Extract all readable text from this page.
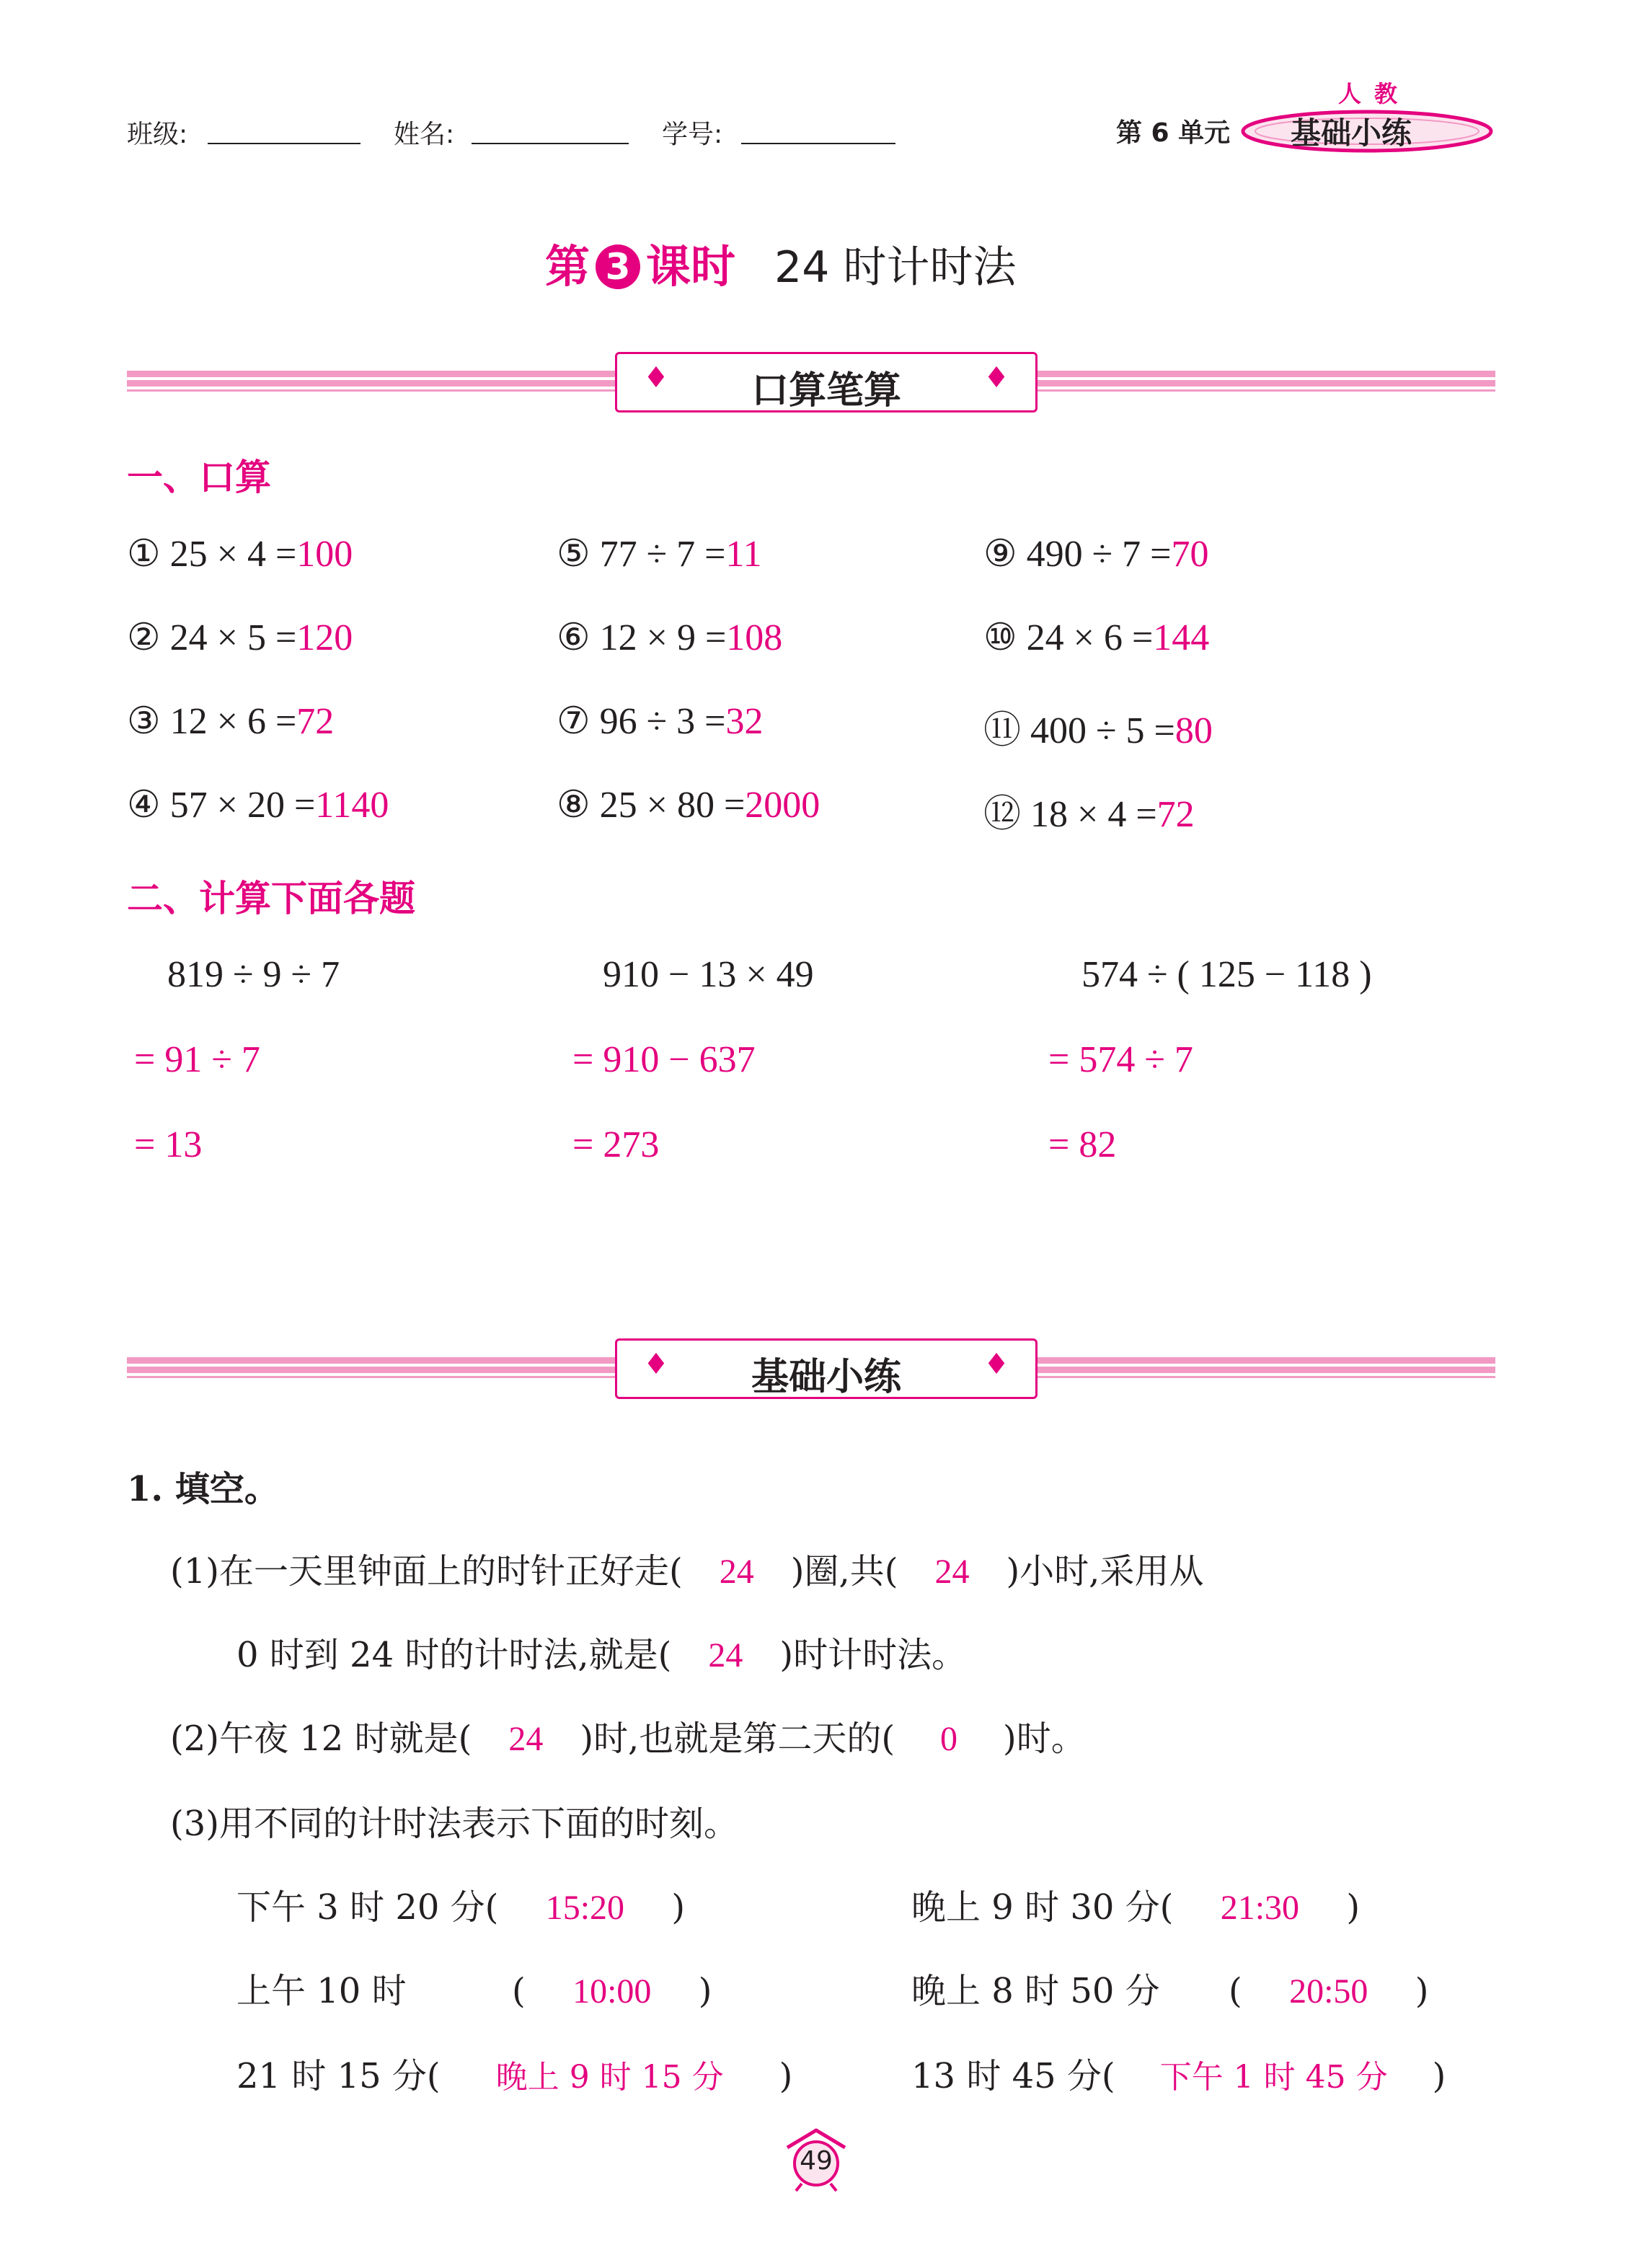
班级:	姓名:	学号:	第 6 单元
人教
基础小练
第 3 课时 24 时计时法
♦	口算笔算	♦
一、口算
① 25 × 4 =100
② 24 × 5 =120
③ 12 × 6 =72
④ 57 × 20 =1140
⑤ 77 ÷ 7 =11
⑥ 12 × 9 =108
⑦ 96 ÷ 3 =32
⑧ 25 × 80 =2000
⑨ 490 ÷ 7 =70
⑩ 24 × 6 =144
⑪ 400 ÷ 5 =80
⑫ 18 × 4 =72
二、计算下面各题
819 ÷ 9 ÷ 7
= 91 ÷ 7
= 13
910 − 13 × 49
= 910 − 637
= 273
574 ÷ ( 125 − 118 )
= 574 ÷ 7
= 82
♦	基础小练	♦
1. 填空。
(1)在一天里钟面上的时针正好走( 24 )圈,共( 24 )小时,采用从
0 时到 24 时的计时法,就是( 24 )时计时法。
(2)午夜 12 时就是( 24 )时,也就是第二天的( 0 )时。
(3)用不同的计时法表示下面的时刻。
下午 3 时 20 分( 15:20 )	晚上 9 时 30 分( 21:30 )
上午 10 时	( 10:00 )	晚上 8 时 50 分 ( 20:50 )
21 时 15 分( 晚上 9 时 15 分 )	13 时 45 分( 下午 1 时 45 分 )
49
